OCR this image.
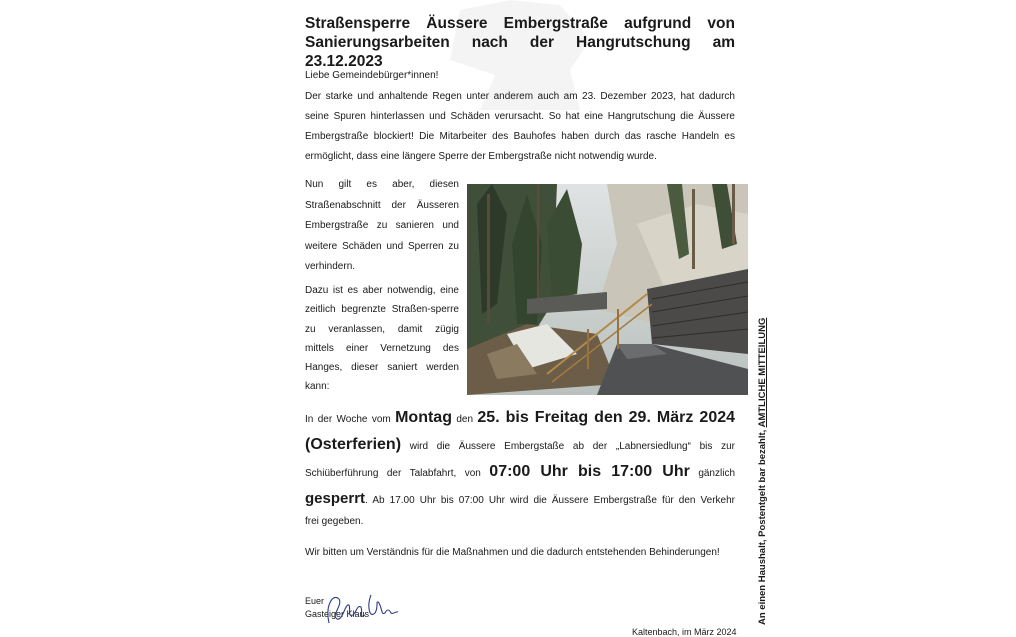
Straßensperre Äussere Embergstraße aufgrund von
Sanierungsarbeiten nach der Hangrutschung am 23.12.2023

Liebe Gemeindebürger*innen!

Der starke und anhaltende Regen unter anderem auch am 23. Dezember 2023, hat dadurch seine Spuren hinterlassen und Schäden verursacht. So hat eine Hangrutschung die Äussere Embergstraße blockiert! Die Mitarbeiter des Bauhofes haben durch das rasche Handeln es ermöglicht, dass eine längere Sperre der Embergstraße nicht notwendig wurde.

Nun gilt es aber, diesen Straßenabschnitt der Äusseren Embergstraße zu sanieren und weitere Schäden und Sperren zu verhindern.

Dazu ist es aber notwendig, eine zeitlich begrenzte Straßen-sperre zu veranlassen, damit zügig mittels einer Vernetzung des Hanges, dieser saniert werden kann:

In der Woche vom Montag den 25. bis Freitag den 29. März 2024
(Osterferien) wird die Äussere Embergstaße ab der „Labnersiedlung“ bis zur
Schiüberführung der Talabfahrt, von 07:00 Uhr bis 17:00 Uhr gänzlich
gesperrt. Ab 17.00 Uhr bis 07:00 Uhr wird die Äussere Embergstraße für den Verkehr
frei gegeben.

Wir bitten um Verständnis für die Maßnahmen und die dadurch entstehenden Behinderungen!

Euer
Gasteiger Klaus
Kaltenbach, im März 2024
An einen Haushalt, Postentgelt bar bezahlt, AMTLICHE MITTEILUNG
